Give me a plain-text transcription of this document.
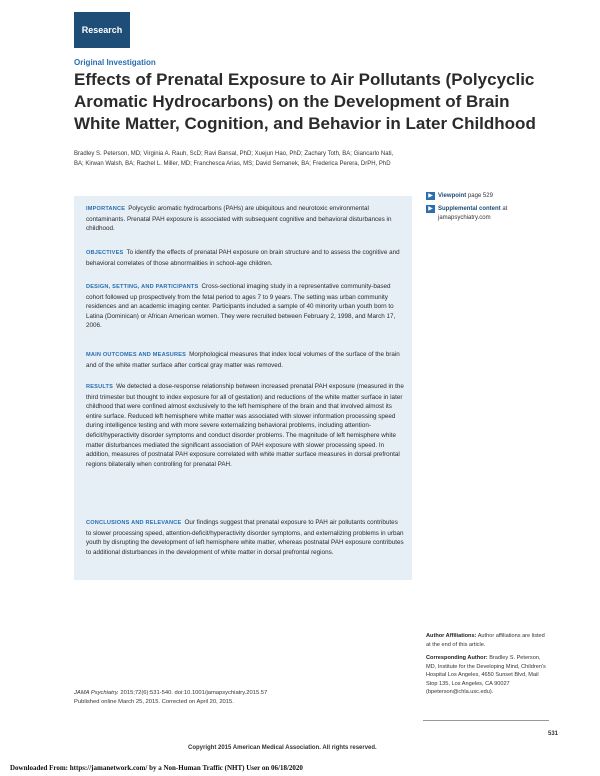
Research
Original Investigation
Effects of Prenatal Exposure to Air Pollutants (Polycyclic Aromatic Hydrocarbons) on the Development of Brain White Matter, Cognition, and Behavior in Later Childhood
Bradley S. Peterson, MD; Virginia A. Rauh, ScD; Ravi Bansal, PhD; Xuejun Hao, PhD; Zachary Toth, BA; Giancarlo Nati, BA; Kirwan Walsh, BA; Rachel L. Miller, MD; Franchesca Arias, MS; David Semanek, BA; Frederica Perera, DrPH, PhD
IMPORTANCE Polycyclic aromatic hydrocarbons (PAHs) are ubiquitous and neurotoxic environmental contaminants. Prenatal PAH exposure is associated with subsequent cognitive and behavioral disturbances in childhood.
OBJECTIVES To identify the effects of prenatal PAH exposure on brain structure and to assess the cognitive and behavioral correlates of those abnormalities in school-age children.
DESIGN, SETTING, AND PARTICIPANTS Cross-sectional imaging study in a representative community-based cohort followed up prospectively from the fetal period to ages 7 to 9 years. The setting was urban community residences and an academic imaging center. Participants included a sample of 40 minority urban youth born to Latina (Dominican) or African American women. They were recruited between February 2, 1998, and March 17, 2006.
MAIN OUTCOMES AND MEASURES Morphological measures that index local volumes of the surface of the brain and of the white matter surface after cortical gray matter was removed.
RESULTS We detected a dose-response relationship between increased prenatal PAH exposure (measured in the third trimester but thought to index exposure for all of gestation) and reductions of the white matter surface in later childhood that were confined almost exclusively to the left hemisphere of the brain and that involved almost its entire surface. Reduced left hemisphere white matter was associated with slower information processing speed during intelligence testing and with more severe externalizing behavioral problems, including attention-deficit/hyperactivity disorder symptoms and conduct disorder problems. The magnitude of left hemisphere white matter disturbances mediated the significant association of PAH exposure with slower processing speed. In addition, measures of postnatal PAH exposure correlated with white matter surface measures in dorsal prefrontal regions bilaterally when controlling for prenatal PAH.
CONCLUSIONS AND RELEVANCE Our findings suggest that prenatal exposure to PAH air pollutants contributes to slower processing speed, attention-deficit/hyperactivity disorder symptoms, and externalizing problems in urban youth by disrupting the development of left hemisphere white matter, whereas postnatal PAH exposure contributes to additional disturbances in the development of white matter in dorsal prefrontal regions.
▶ Viewpoint page 529
▶ Supplemental content at jamapsychiatry.com
Author Affiliations: Author affiliations are listed at the end of this article.
Corresponding Author: Bradley S. Peterson, MD, Institute for the Developing Mind, Children's Hospital Los Angeles, 4650 Sunset Blvd, Mail Stop 135, Los Angeles, CA 90027 (bpeterson@chla.usc.edu).
JAMA Psychiatry. 2015;72(6):531-540. doi:10.1001/jamapsychiatry.2015.57
Published online March 25, 2015. Corrected on April 20, 2015.
531
Copyright 2015 American Medical Association. All rights reserved.
Downloaded From: https://jamanetwork.com/ by a Non-Human Traffic (NHT) User on 06/18/2020
